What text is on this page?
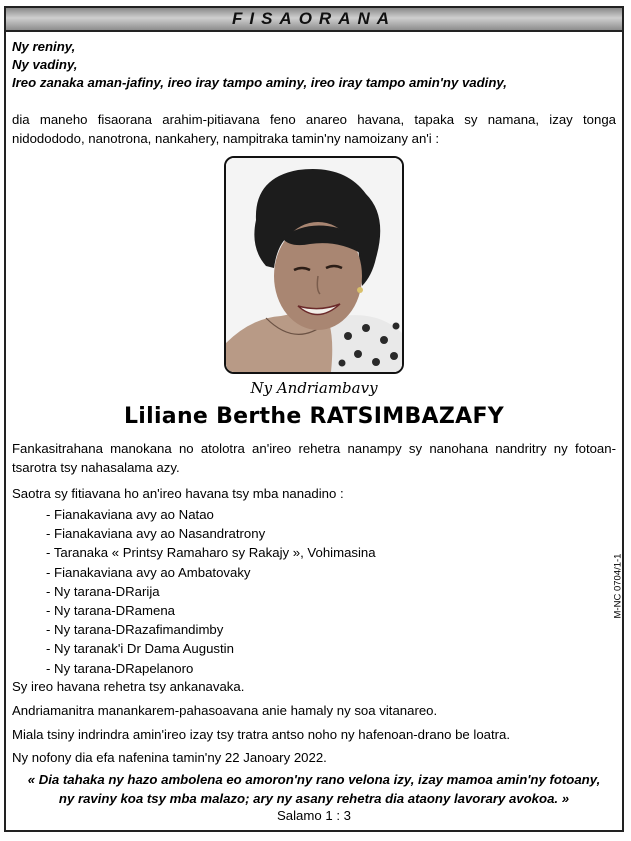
FISAORANA
Ny reniny,
Ny vadiny,
Ireo zanaka aman-jafiny, ireo iray tampo aminy, ireo iray tampo amin'ny vadiny,
dia maneho fisaorana arahim-pitiavana feno anareo havana, tapaka sy namana, izay tonga nidodododo, nanotrona, nankahery, nampitraka tamin'ny namoizany an'i :
Ny Andriambavy
Liliane Berthe RATSIMBAZAFY
Fankasitrahana manokana no atolotra an'ireo rehetra nanampy sy nanohana nandritry ny fotoan-tsarotra tsy nahasalama azy.
Saotra sy fitiavana ho an'ireo havana tsy mba nanadino :
- Fianakaviana avy ao Natao
- Fianakaviana avy ao Nasandratrony
- Taranaka « Printsy Ramaharo sy Rakajy », Vohimasina
- Fianakaviana avy ao Ambatovaky
- Ny tarana-DRarija
- Ny tarana-DRamena
- Ny tarana-DRazafimandimby
- Ny taranak'i Dr Dama Augustin
- Ny tarana-DRapelanoro
M-NC 0704/1-1
Sy ireo havana rehetra tsy ankanavaka.
Andriamanitra manankarem-pahasoavana anie hamaly ny soa vitanareo.
Miala tsiny indrindra amin'ireo izay tsy tratra antso noho ny hafenoan-drano be loatra.
Ny nofony dia efa nafenina tamin'ny 22 Janoary 2022.
« Dia tahaka ny hazo ambolena eo amoron'ny rano velona izy, izay mamoa amin'ny fotoany,
ny raviny koa tsy mba malazo; ary ny asany rehetra dia ataony lavorary avokoa. »
Salamo 1 : 3
